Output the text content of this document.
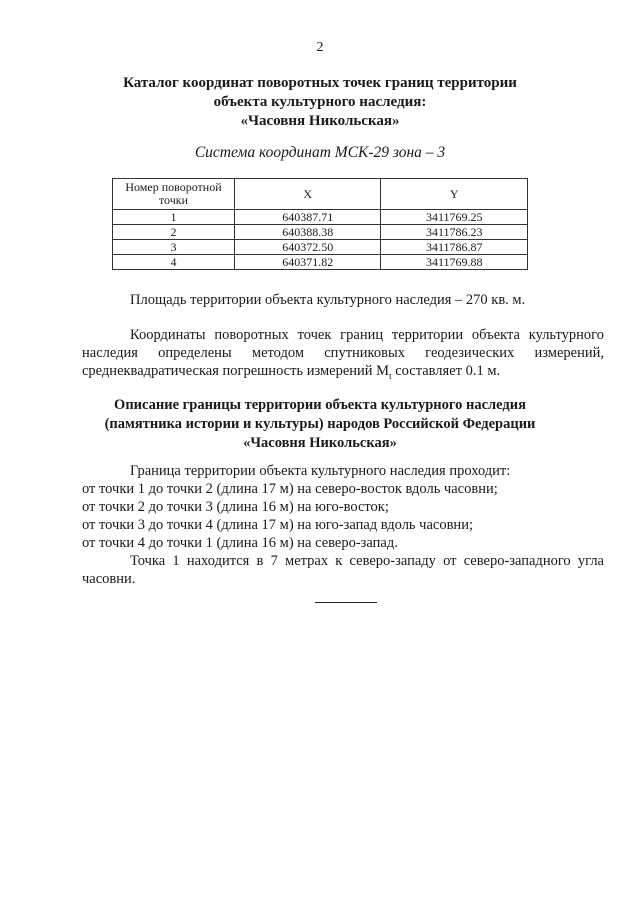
2
Каталог координат поворотных точек границ территории
объекта культурного наследия:
«Часовня Никольская»
Система координат МСК-29 зона – 3
Номер поворотной точки	X	Y
1	640387.71	3411769.25
2	640388.38	3411786.23
3	640372.50	3411786.87
4	640371.82	3411769.88
Площадь территории объекта культурного наследия – 270 кв. м.
Координаты поворотных точек границ территории объекта культурного наследия определены методом спутниковых геодезических измерений, среднеквадратическая погрешность измерений $М_t$ составляет 0.1 м.
Описание границы территории объекта культурного наследия
(памятника истории и культуры) народов Российской Федерации
«Часовня Никольская»
Граница территории объекта культурного наследия проходит:
от точки 1 до точки 2 (длина 17 м) на северо-восток вдоль часовни;
от точки 2 до точки 3 (длина 16 м) на юго-восток;
от точки 3 до точки 4 (длина 17 м) на юго-запад вдоль часовни;
от точки 4 до точки 1 (длина 16 м) на северо-запад.
Точка 1 находится в 7 метрах к северо-западу от северо-западного угла часовни.
